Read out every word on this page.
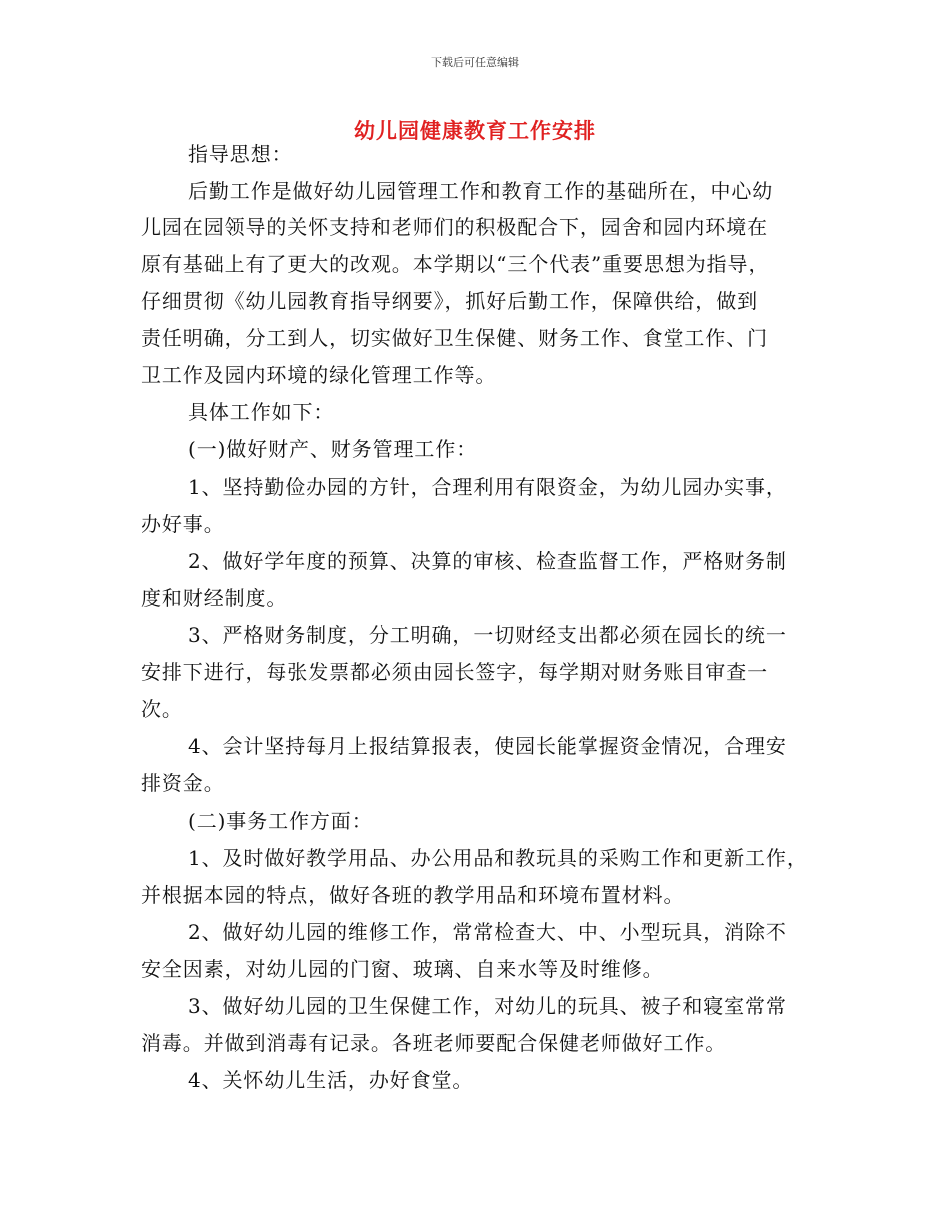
下载后可任意编辑
幼儿园健康教育工作安排
指导思想：
后勤工作是做好幼儿园管理工作和教育工作的基础所在，中心幼
儿园在园领导的关怀支持和老师们的积极配合下，园舍和园内环境在
原有基础上有了更大的改观。本学期以“三个代表”重要思想为指导，
仔细贯彻《幼儿园教育指导纲要》，抓好后勤工作，保障供给，做到
责任明确，分工到人，切实做好卫生保健、财务工作、食堂工作、门
卫工作及园内环境的绿化管理工作等。
具体工作如下：
(一)做好财产、财务管理工作：
1、坚持勤俭办园的方针，合理利用有限资金，为幼儿园办实事，
办好事。
2、做好学年度的预算、决算的审核、检查监督工作，严格财务制
度和财经制度。
3、严格财务制度，分工明确，一切财经支出都必须在园长的统一
安排下进行，每张发票都必须由园长签字，每学期对财务账目审查一
次。
4、会计坚持每月上报结算报表，使园长能掌握资金情况，合理安
排资金。
(二)事务工作方面：
1、及时做好教学用品、办公用品和教玩具的采购工作和更新工作，
并根据本园的特点，做好各班的教学用品和环境布置材料。
2、做好幼儿园的维修工作，常常检查大、中、小型玩具，消除不
安全因素，对幼儿园的门窗、玻璃、自来水等及时维修。
3、做好幼儿园的卫生保健工作，对幼儿的玩具、被子和寝室常常
消毒。并做到消毒有记录。各班老师要配合保健老师做好工作。
4、关怀幼儿生活，办好食堂。
